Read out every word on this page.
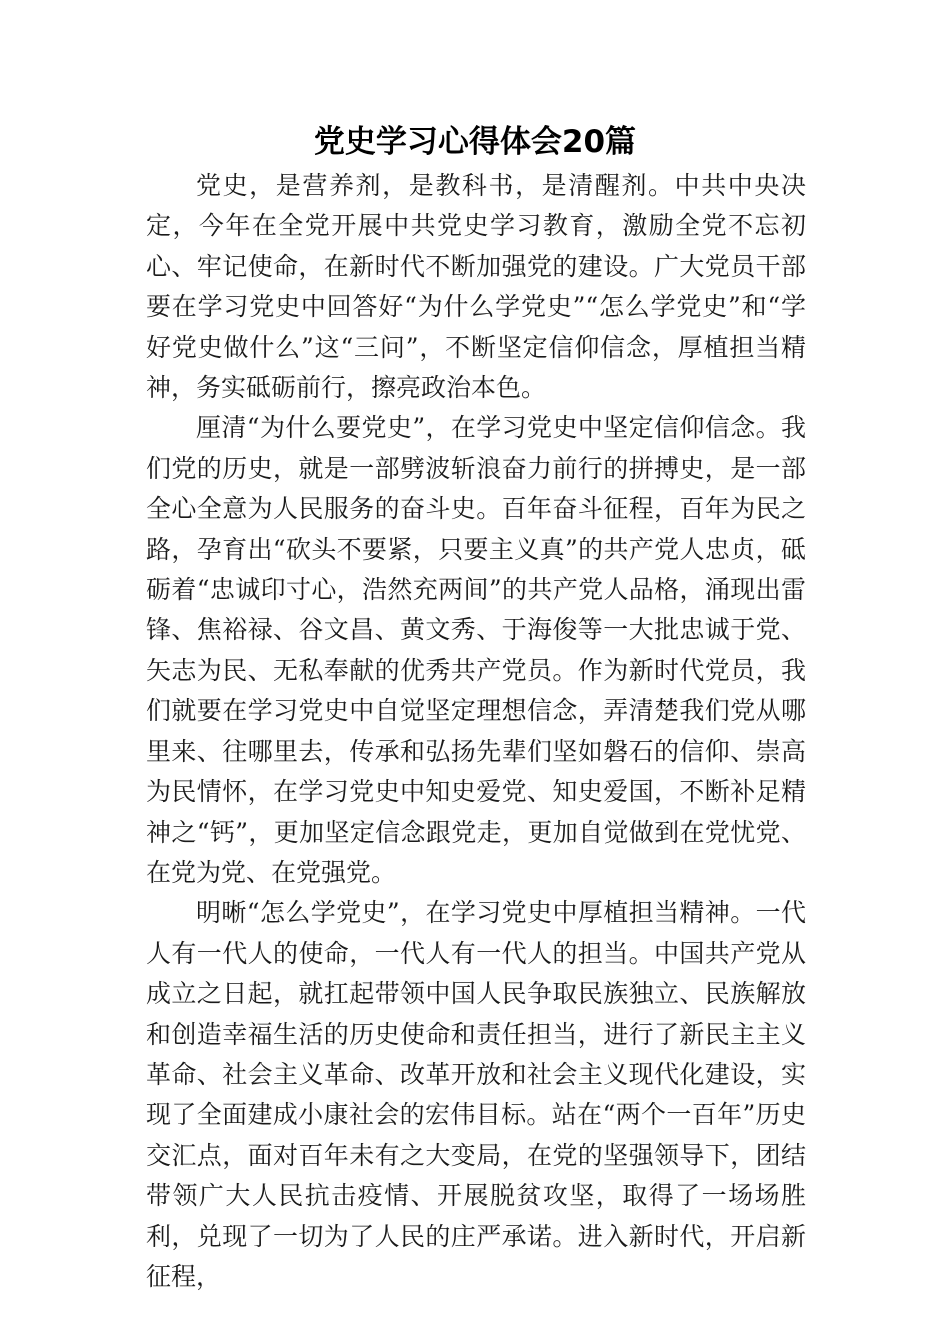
党史学习心得体会20篇

党史，是营养剂，是教科书，是清醒剂。中共中央决定，今年在全党开展中共党史学习教育，激励全党不忘初心、牢记使命，在新时代不断加强党的建设。广大党员干部要在学习党史中回答好“为什么学党史”“怎么学党史”和“学好党史做什么”这“三问”，不断坚定信仰信念，厚植担当精神，务实砥砺前行，擦亮政治本色。

厘清“为什么要党史”，在学习党史中坚定信仰信念。我们党的历史，就是一部劈波斩浪奋力前行的拼搏史，是一部全心全意为人民服务的奋斗史。百年奋斗征程，百年为民之路，孕育出“砍头不要紧，只要主义真”的共产党人忠贞，砥砺着“忠诚印寸心，浩然充两间”的共产党人品格，涌现出雷锋、焦裕禄、谷文昌、黄文秀、于海俊等一大批忠诚于党、矢志为民、无私奉献的优秀共产党员。作为新时代党员，我们就要在学习党史中自觉坚定理想信念，弄清楚我们党从哪里来、往哪里去，传承和弘扬先辈们坚如磐石的信仰、崇高为民情怀，在学习党史中知史爱党、知史爱国，不断补足精神之“钙”，更加坚定信念跟党走，更加自觉做到在党忧党、在党为党、在党强党。

明晰“怎么学党史”，在学习党史中厚植担当精神。一代人有一代人的使命，一代人有一代人的担当。中国共产党从成立之日起，就扛起带领中国人民争取民族独立、民族解放和创造幸福生活的历史使命和责任担当，进行了新民主主义革命、社会主义革命、改革开放和社会主义现代化建设，实现了全面建成小康社会的宏伟目标。站在“两个一百年”历史交汇点，面对百年未有之大变局，在党的坚强领导下，团结带领广大人民抗击疫情、开展脱贫攻坚，取得了一场场胜利，兑现了一切为了人民的庄严承诺。进入新时代，开启新征程，
